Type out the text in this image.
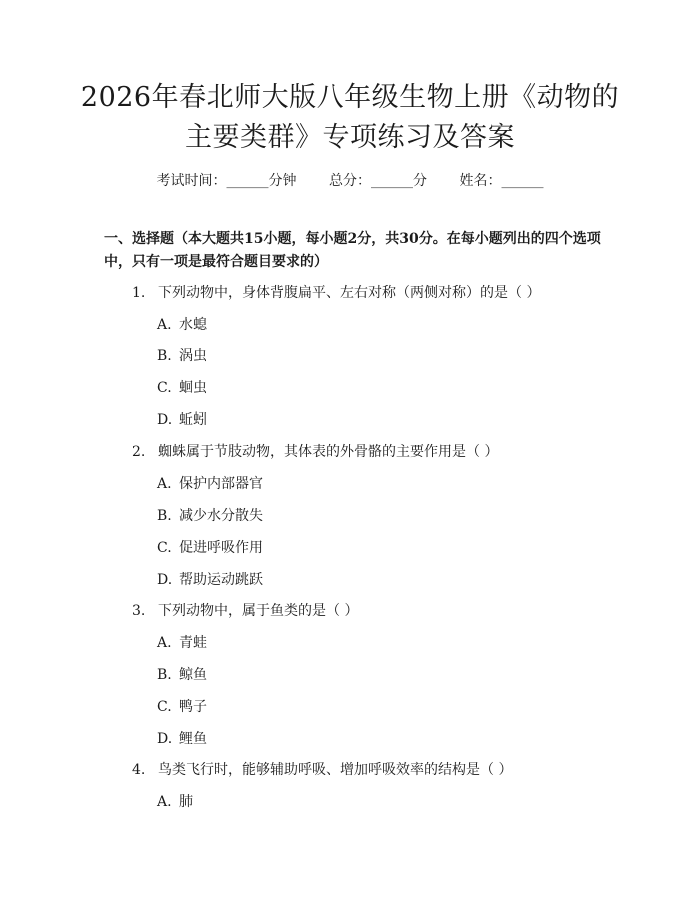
2026年春北师大版八年级生物上册《动物的
主要类群》专项练习及答案
考试时间：______分钟 总分：______分 姓名：______
一、选择题（本大题共15小题，每小题2分，共30分。在每小题列出的四个选项中，只有一项是最符合题目要求的）
1. 下列动物中，身体背腹扁平、左右对称（两侧对称）的是（ ）
A. 水螅
B. 涡虫
C. 蛔虫
D. 蚯蚓
2. 蜘蛛属于节肢动物，其体表的外骨骼的主要作用是（ ）
A. 保护内部器官
B. 减少水分散失
C. 促进呼吸作用
D. 帮助运动跳跃
3. 下列动物中，属于鱼类的是（ ）
A. 青蛙
B. 鲸鱼
C. 鸭子
D. 鲤鱼
4. 鸟类飞行时，能够辅助呼吸、增加呼吸效率的结构是（ ）
A. 肺
